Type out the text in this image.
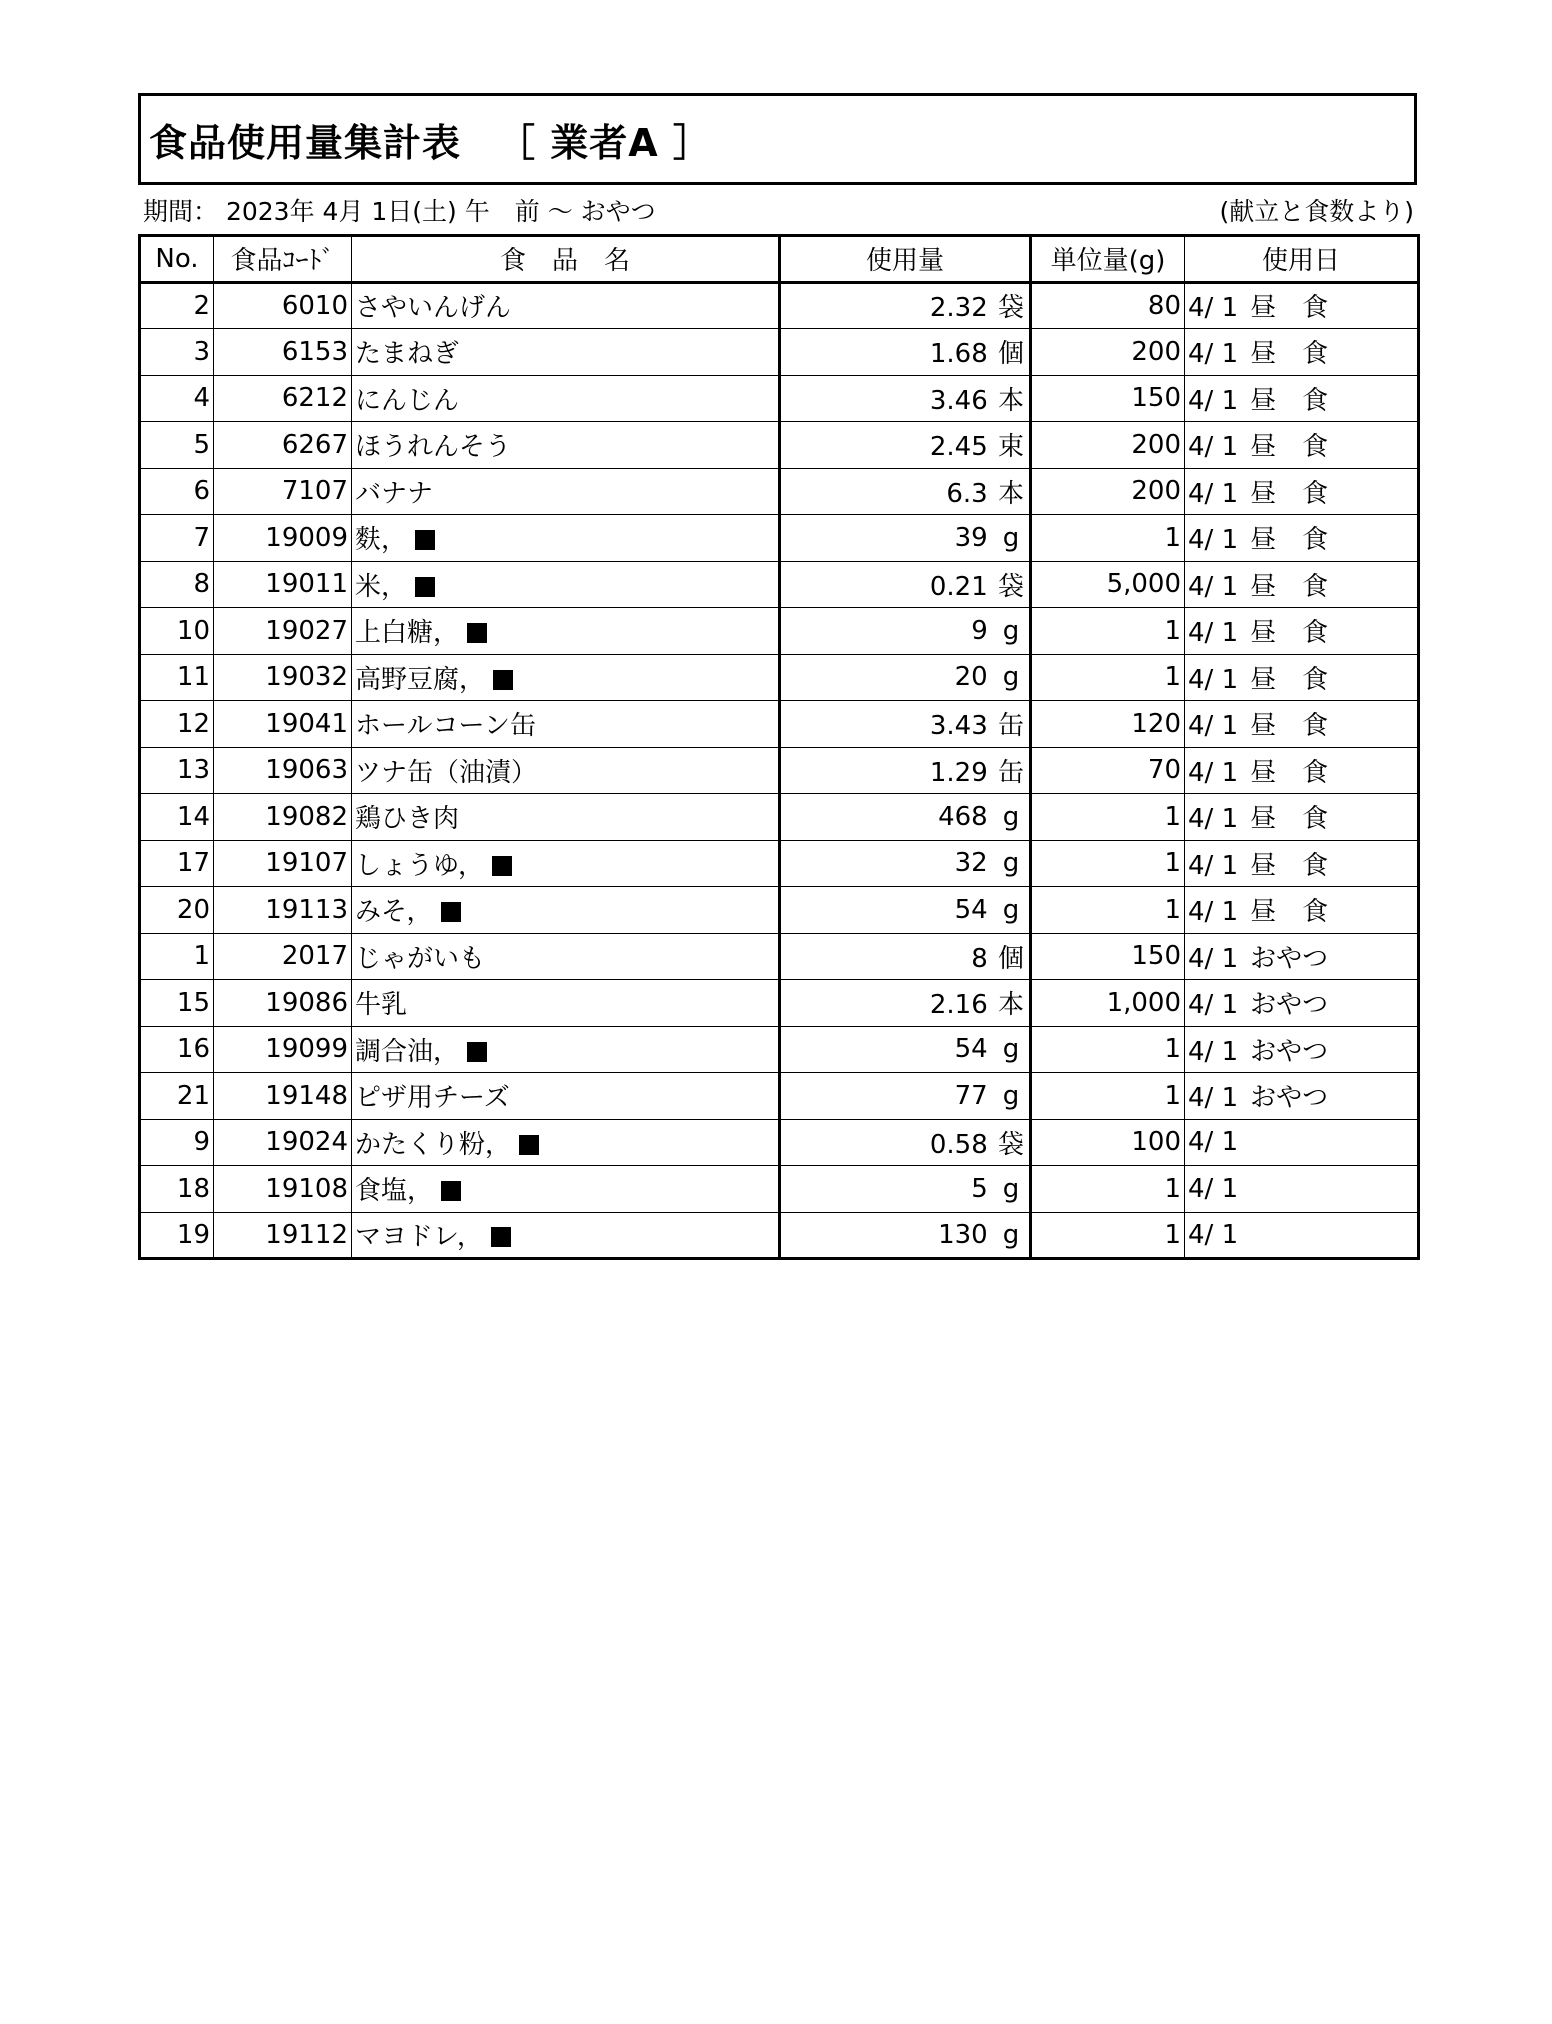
食品使用量集計表 ［ 業者A ］
期間： 2023年 4月 1日(土) 午　前 〜 おやつ	(献立と食数より)
No.	食品ｺｰﾄﾞ	食　品　名	使用量	単位量(g)	使用日
2	6010	さやいんげん	2.32 袋	80	4/ 1 昼　食
3	6153	たまねぎ	1.68 個	200	4/ 1 昼　食
4	6212	にんじん	3.46 本	150	4/ 1 昼　食
5	6267	ほうれんそう	2.45 束	200	4/ 1 昼　食
6	7107	バナナ	6.3 本	200	4/ 1 昼　食
7	19009	麩，	39 g	1	4/ 1 昼　食
8	19011	米，	0.21 袋	5,000	4/ 1 昼　食
10	19027	上白糖，	9 g	1	4/ 1 昼　食
11	19032	高野豆腐，	20 g	1	4/ 1 昼　食
12	19041	ホールコーン缶	3.43 缶	120	4/ 1 昼　食
13	19063	ツナ缶（油漬）	1.29 缶	70	4/ 1 昼　食
14	19082	鶏ひき肉	468 g	1	4/ 1 昼　食
17	19107	しょうゆ，	32 g	1	4/ 1 昼　食
20	19113	みそ，	54 g	1	4/ 1 昼　食
1	2017	じゃがいも	8 個	150	4/ 1 おやつ
15	19086	牛乳	2.16 本	1,000	4/ 1 おやつ
16	19099	調合油，	54 g	1	4/ 1 おやつ
21	19148	ピザ用チーズ	77 g	1	4/ 1 おやつ
9	19024	かたくり粉，	0.58 袋	100	4/ 1
18	19108	食塩，	5 g	1	4/ 1
19	19112	マヨドレ，	130 g	1	4/ 1
